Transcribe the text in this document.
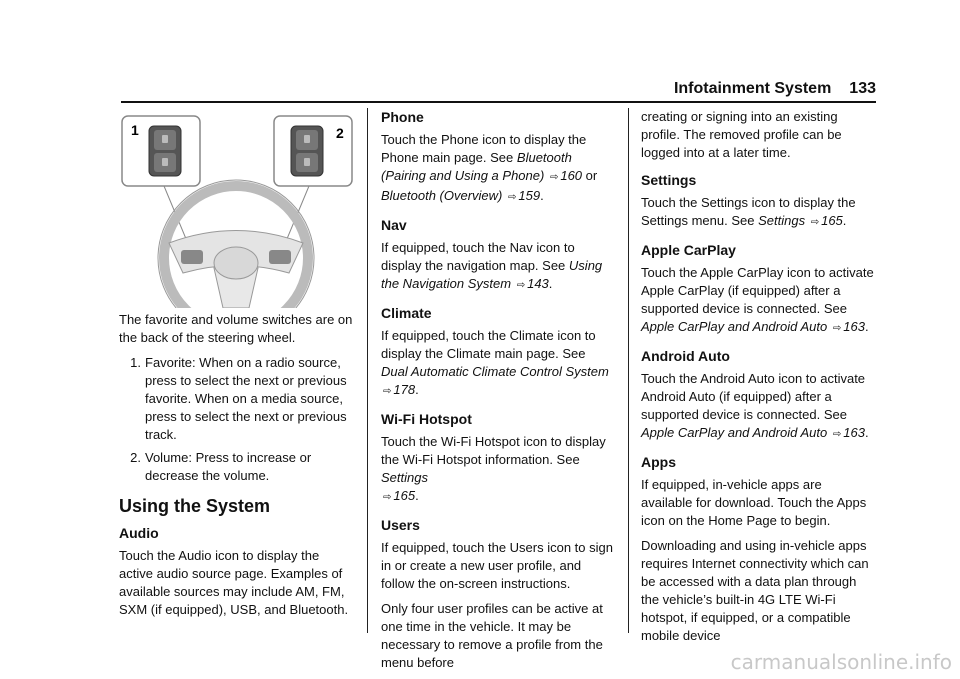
Infotainment System 133
1	2

The favorite and volume switches are on the back of the steering wheel.

1. Favorite: When on a radio source, press to select the next or previous favorite. When on a media source, press to select the next or previous track.
2. Volume: Press to increase or decrease the volume.
Using the System
Audio

Touch the Audio icon to display the active audio source page. Examples of available sources may include AM, FM, SXM (if equipped), USB, and Bluetooth.

Phone

Touch the Phone icon to display the Phone main page. See Bluetooth (Pairing and Using a Phone) ⇨ 160 or
Bluetooth (Overview) ⇨ 159.

Nav

If equipped, touch the Nav icon to display the navigation map. See Using the Navigation System ⇨ 143.

Climate

If equipped, touch the Climate icon to display the Climate main page. See Dual Automatic Climate Control System ⇨ 178.

Wi-Fi Hotspot

Touch the Wi-Fi Hotspot icon to display the Wi-Fi Hotspot information. See Settings
⇨ 165.

Users

If equipped, touch the Users icon to sign in or create a new user profile, and follow the on-screen instructions.

Only four user profiles can be active at one time in the vehicle. It may be necessary to remove a profile from the menu before

creating or signing into an existing profile. The removed profile can be logged into at a later time.

Settings

Touch the Settings icon to display the Settings menu. See Settings ⇨ 165.

Apple CarPlay

Touch the Apple CarPlay icon to activate Apple CarPlay (if equipped) after a supported device is connected. See Apple CarPlay and Android Auto ⇨ 163.

Android Auto

Touch the Android Auto icon to activate Android Auto (if equipped) after a supported device is connected. See Apple CarPlay and Android Auto ⇨ 163.

Apps

If equipped, in-vehicle apps are available for download. Touch the Apps icon on the Home Page to begin.

Downloading and using in-vehicle apps requires Internet connectivity which can be accessed with a data plan through the vehicle’s built-in 4G LTE Wi-Fi hotspot, if equipped, or a compatible mobile device

carmanualsonline.info
